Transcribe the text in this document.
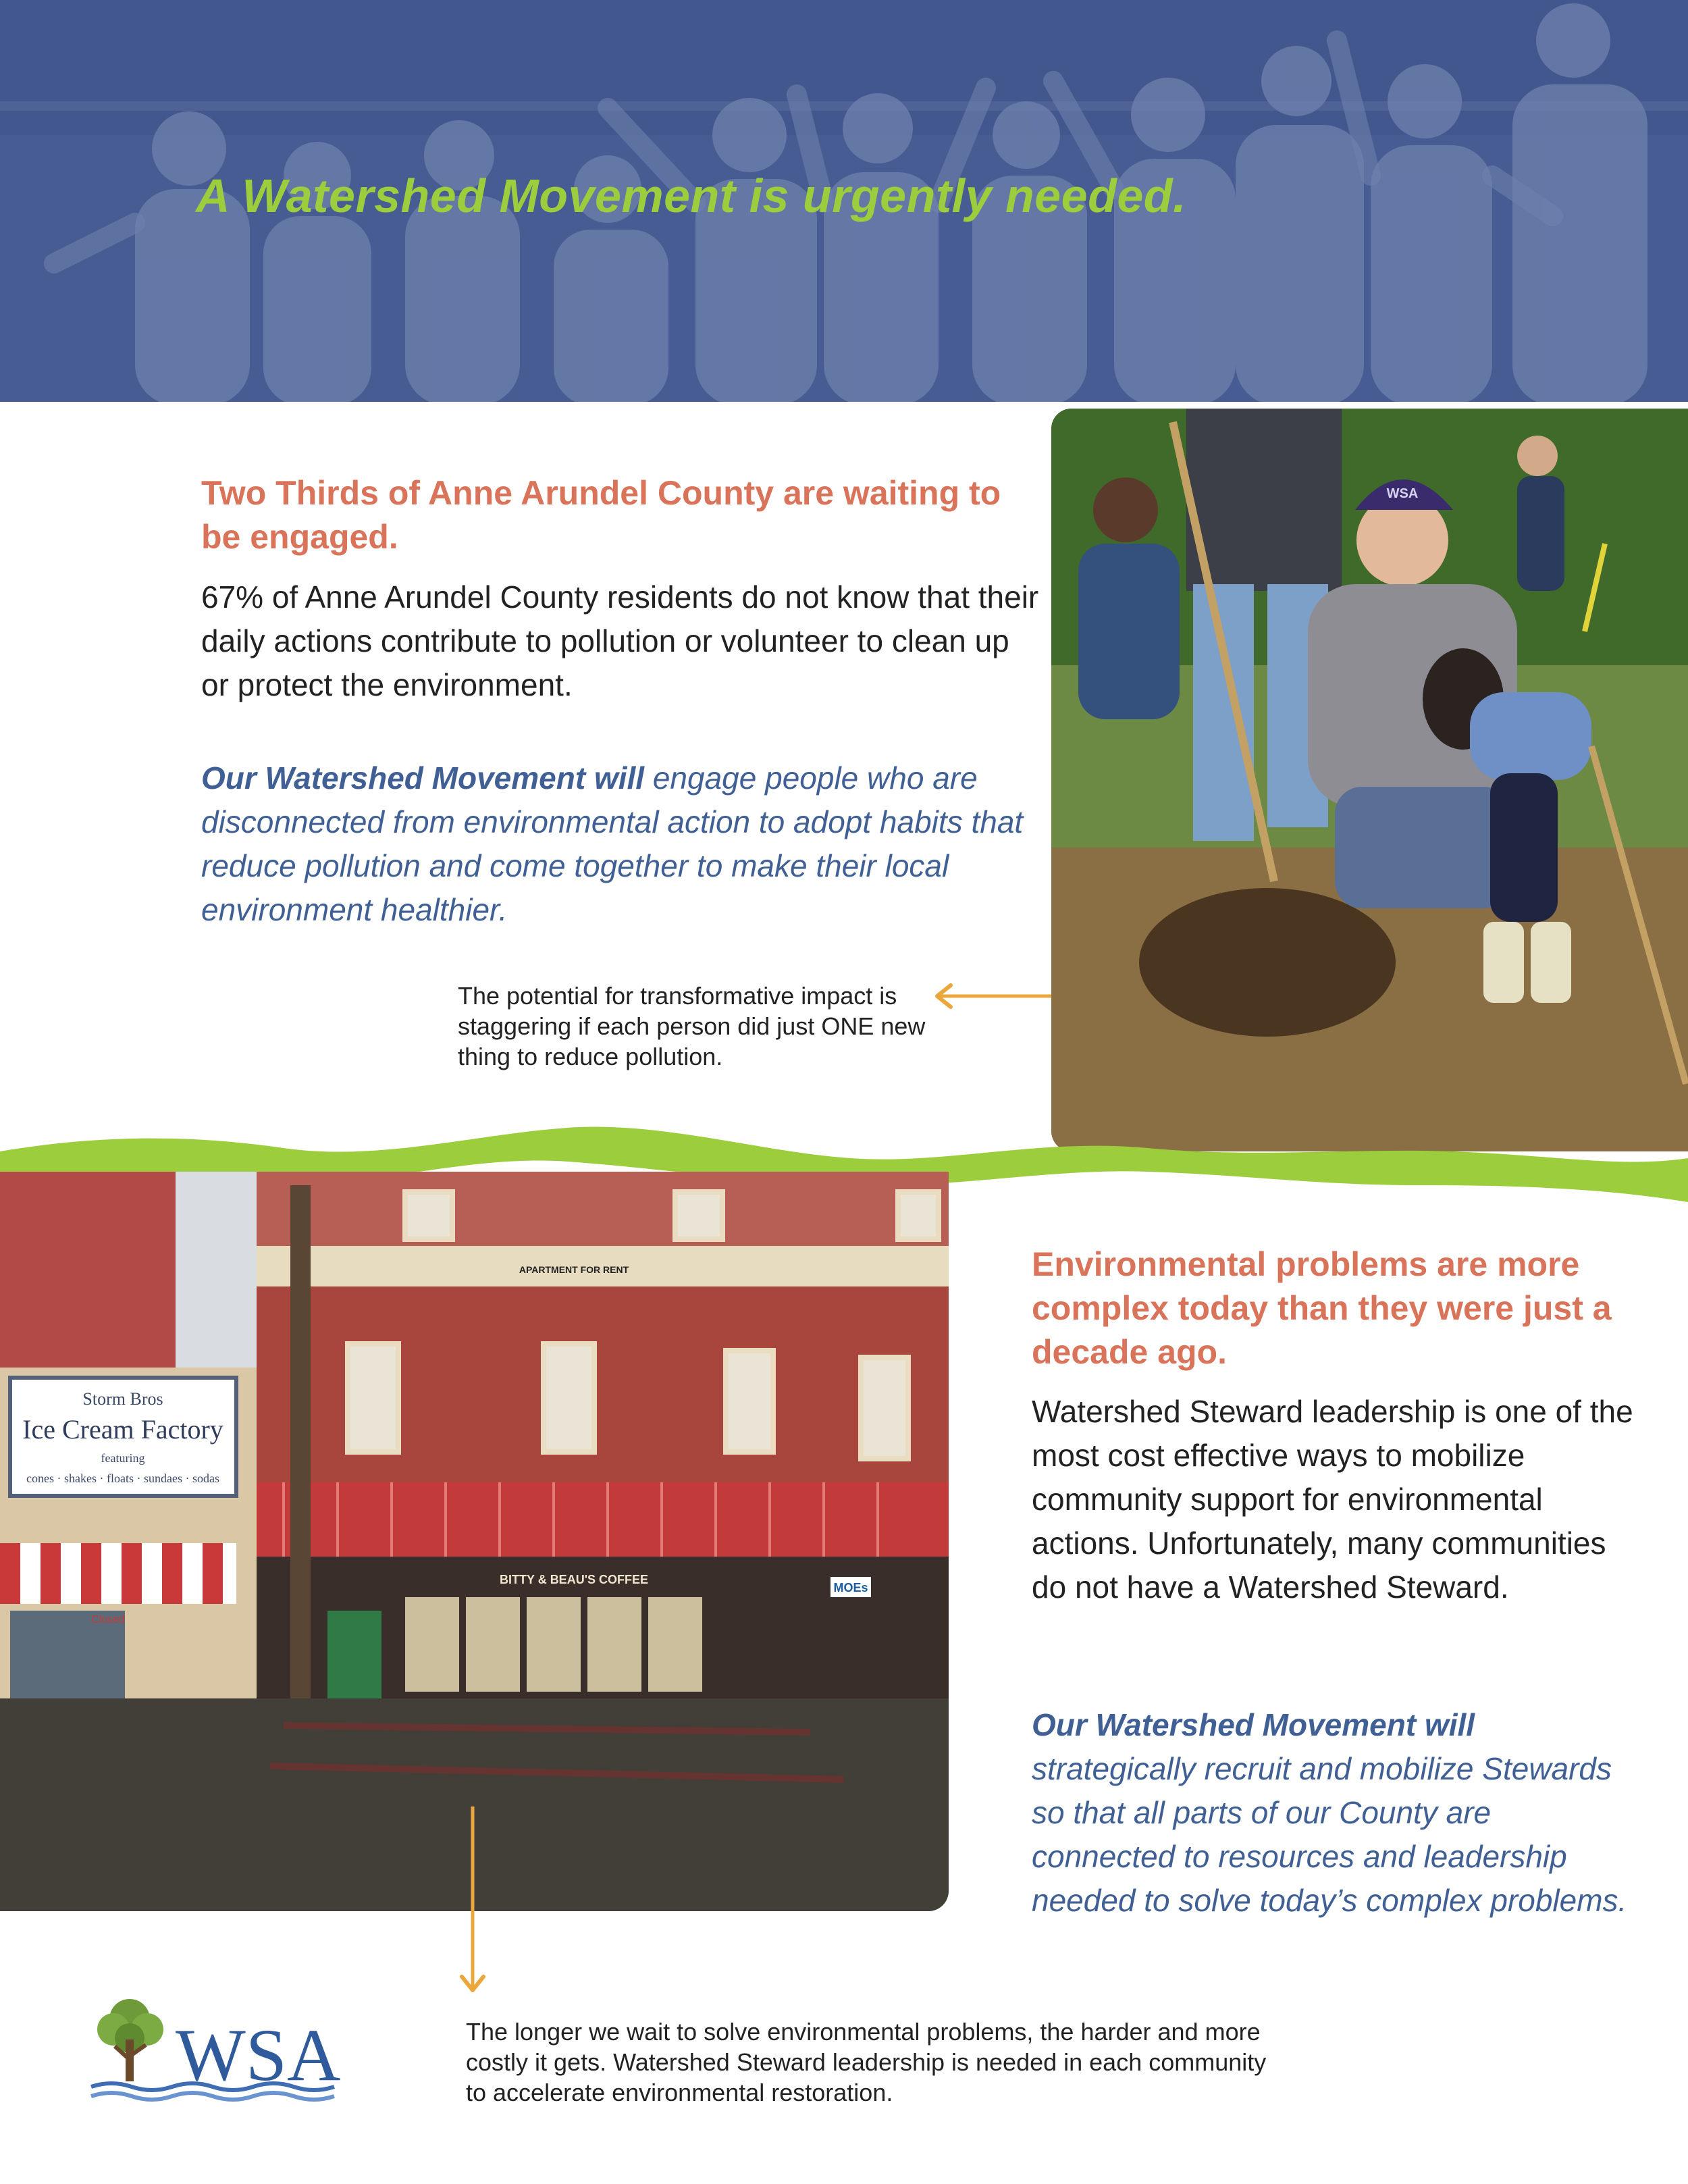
A Watershed Movement is urgently needed.
Two Thirds of Anne Arundel County are waiting to be engaged.
67% of Anne Arundel County residents do not know that their daily actions contribute to pollution or volunteer to clean up or protect the environment.
Our Watershed Movement will engage people who are disconnected from environmental action to adopt habits that reduce pollution and come together to make their local environment healthier.
The potential for transformative impact is staggering if each person did just ONE new thing to reduce pollution.
WSA
Storm Bros
Ice Cream Factory
featuring
cones · shakes · floats · sundaes · sodas
Closed
APARTMENT FOR RENT
BITTY & BEAU'S COFFEE
MOEs
Environmental problems are more complex today than they were just a decade ago.
Watershed Steward leadership is one of the most cost effective ways to mobilize community support for environmental actions. Unfortunately, many communities do not have a Watershed Steward.
Our Watershed Movement will strategically recruit and mobilize Stewards so that all parts of our County are connected to resources and leadership needed to solve today’s complex problems.
The longer we wait to solve environmental problems, the harder and more costly it gets. Watershed Steward leadership is needed in each community to accelerate environmental restoration.
WSA
